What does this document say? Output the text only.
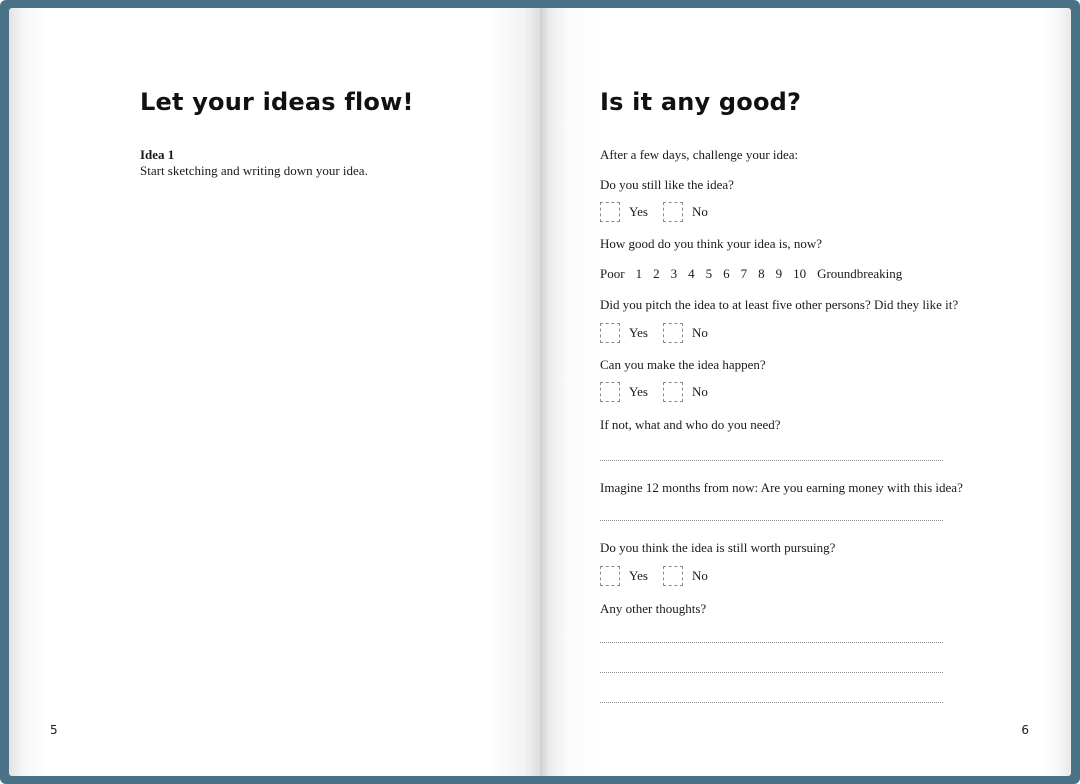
Let your ideas flow!
Idea 1
Start sketching and writing down your idea.
5
Is it any good?
After a few days, challenge your idea:
Do you still like the idea?
Yes	No
How good do you think your idea is, now?
Poor 1 2 3 4 5 6 7 8 9 10 Groundbreaking
Did you pitch the idea to at least five other persons? Did they like it?
Yes	No
Can you make the idea happen?
Yes	No
If not, what and who do you need?
Imagine 12 months from now: Are you earning money with this idea?
Do you think the idea is still worth pursuing?
Yes	No
Any other thoughts?
6
